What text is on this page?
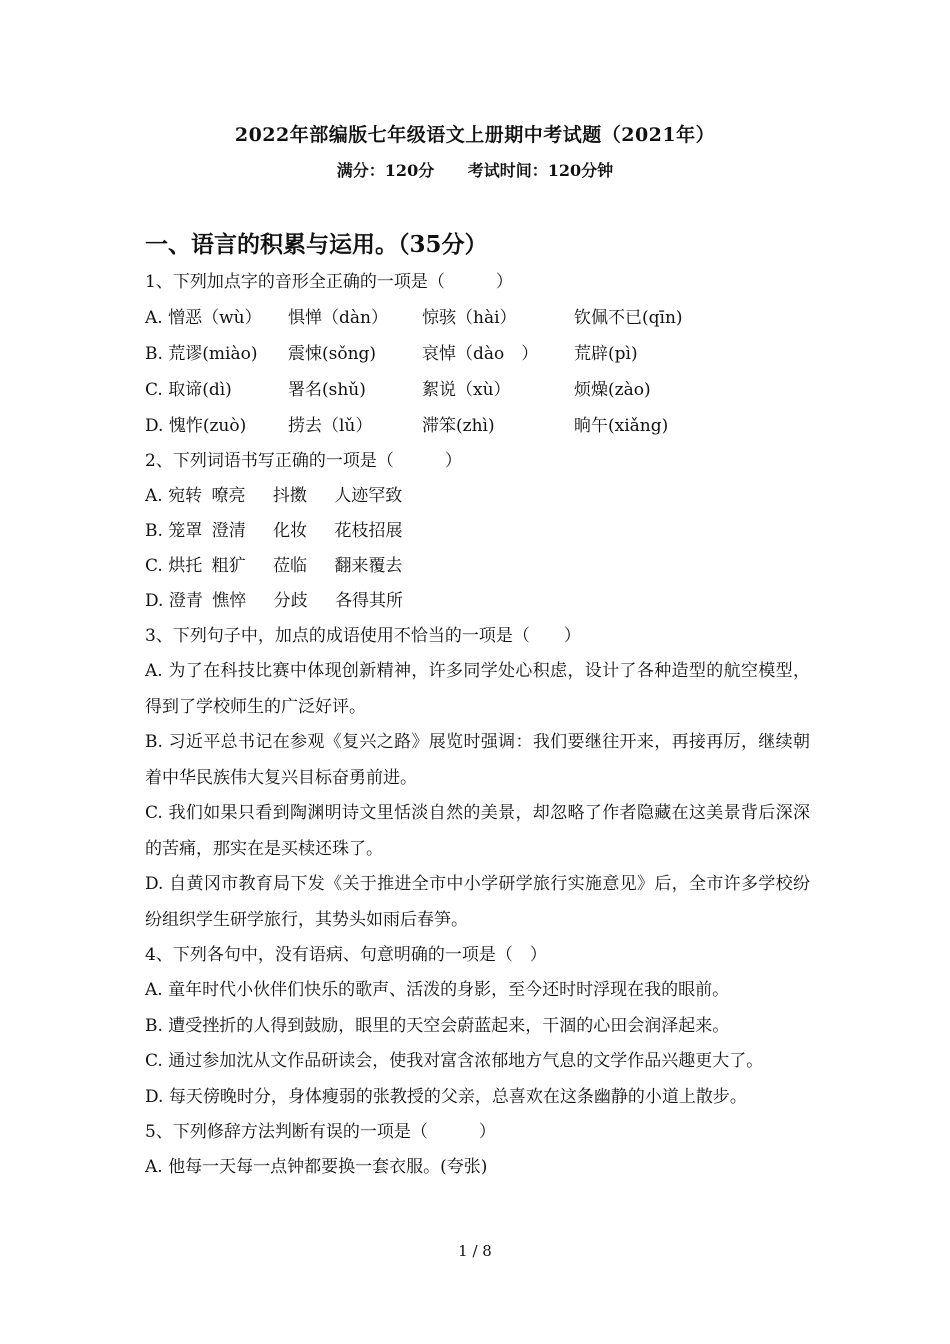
2022年部编版七年级语文上册期中考试题（2021年）
满分：120分 考试时间：120分钟
一、语言的积累与运用。（35分）

1、下列加点字的音形全正确的一项是（　　　）

A. 憎恶（wù）	惧惮（dàn）	惊骇（hài）	钦佩不已(qīn)
B. 荒谬(miào)	震悚(sǒng)	哀悼（dào　）	荒辟(pì)
C. 取谛(dì)	署名(shǔ)	絮说（xù）	烦燥(zào)
D. 愧怍(zuò)	捞去（lǔ）	滞笨(zhì)	晌午(xiǎng)

2、下列词语书写正确的一项是（　　　）

A. 宛转 嘹亮 抖擞 人迹罕致
B. 笼罩 澄清 化妆 花枝招展
C. 烘托 粗犷 莅临 翻来覆去
D. 澄青 憔悴 分歧 各得其所

3、下列句子中，加点的成语使用不恰当的一项是（　　）

A. 为了在科技比赛中体现创新精神，许多同学处心积虑，设计了各种造型的航空模型，得到了学校师生的广泛好评。

B. 习近平总书记在参观《复兴之路》展览时强调：我们要继往开来，再接再厉，继续朝着中华民族伟大复兴目标奋勇前进。

C. 我们如果只看到陶渊明诗文里恬淡自然的美景，却忽略了作者隐藏在这美景背后深深的苦痛，那实在是买椟还珠了。

D. 自黄冈市教育局下发《关于推进全市中小学研学旅行实施意见》后，全市许多学校纷纷组织学生研学旅行，其势头如雨后春笋。

4、下列各句中，没有语病、句意明确的一项是（　）

A. 童年时代小伙伴们快乐的歌声、活泼的身影，至今还时时浮现在我的眼前。

B. 遭受挫折的人得到鼓励，眼里的天空会蔚蓝起来，干涸的心田会润泽起来。

C. 通过参加沈从文作品研读会，使我对富含浓郁地方气息的文学作品兴趣更大了。

D. 每天傍晚时分，身体瘦弱的张教授的父亲，总喜欢在这条幽静的小道上散步。

5、下列修辞方法判断有误的一项是（　　　）

A. 他每一天每一点钟都要换一套衣服。(夸张)

1 / 8
